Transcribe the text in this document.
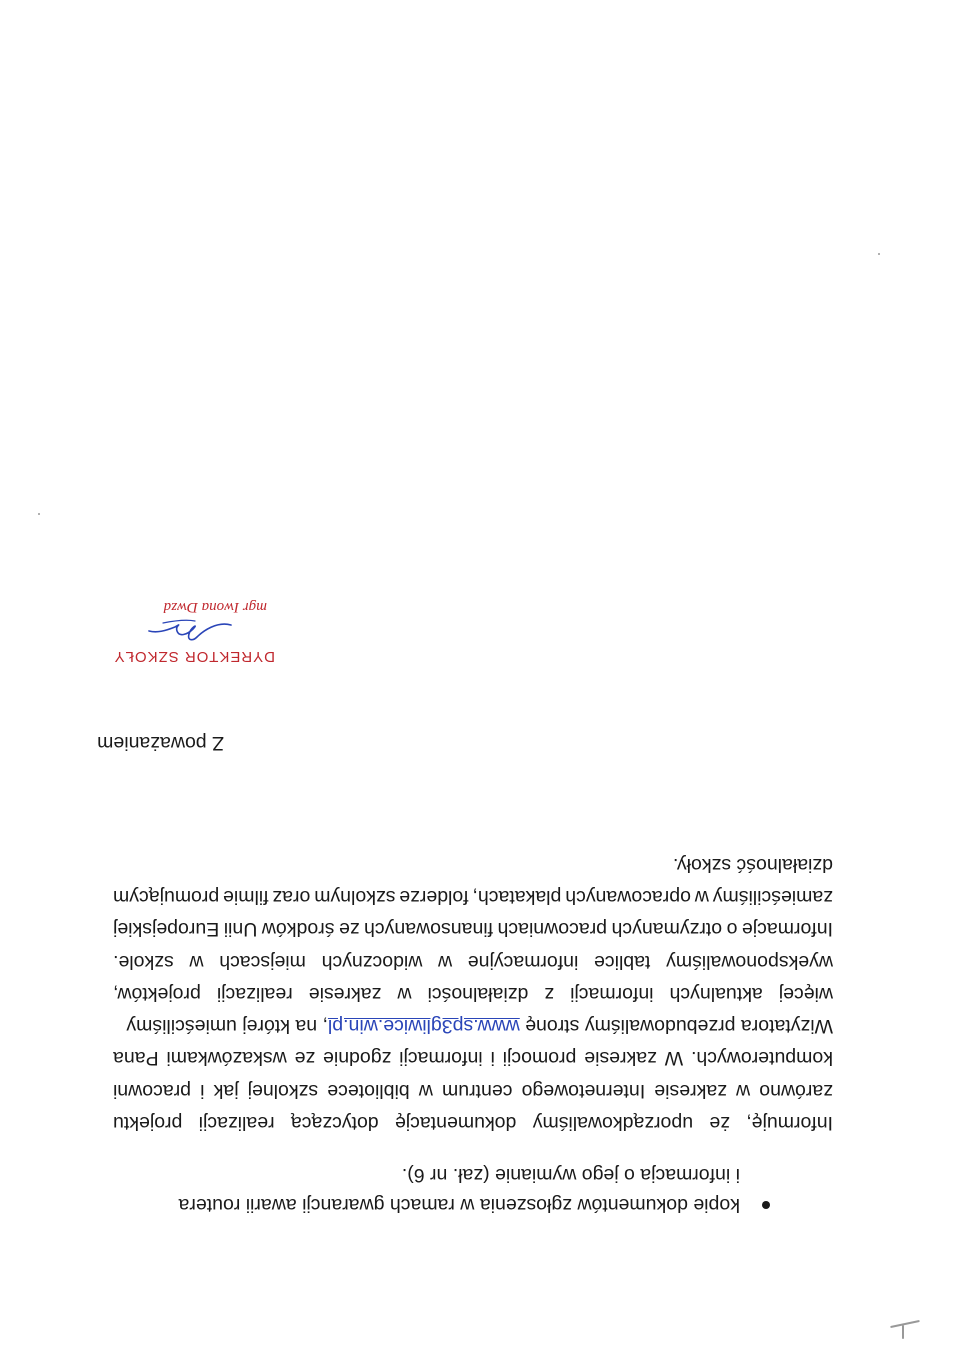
kopie dokumentów zgłoszenia w ramach gwarancji awarii routera
i informacja o jego wymianie (zał. nr 6).
Informuję,
że
uporządkowaliśmy
dokumentację
dotyczącą
realizacji
projektu
zarówno
w
zakresie
Internetowego
centrum
w
bibliotece
szkolnej
jak
i
pracowni
komputerowych.
W
zakresie
promocji
i
informacji
zgodnie
ze
wskazówkami
Pana
Wizytatora przebudowaliśmy stronę

www.sp3gliwice.win.pl
, na której umieściliśmy
więcej
aktualnych
informacji
z
działalności
w
zakresie
realizacji
projektów,
wyeksponowaliśmy
tablice
informacyjne
w
widocznych
miejscach
w
szkole.
Informacje
o
otrzymanych
pracowniach
finansowanych
ze
środków
Unii
Europejskiej
zamieściliśmy
w
opracowanych
plakatach,
folderze
szkolnym
oraz
filmie
promującym
działalność szkoły.
Z poważaniem
DYREKTOR SZKOŁY
mgr Iwona Dwzd
